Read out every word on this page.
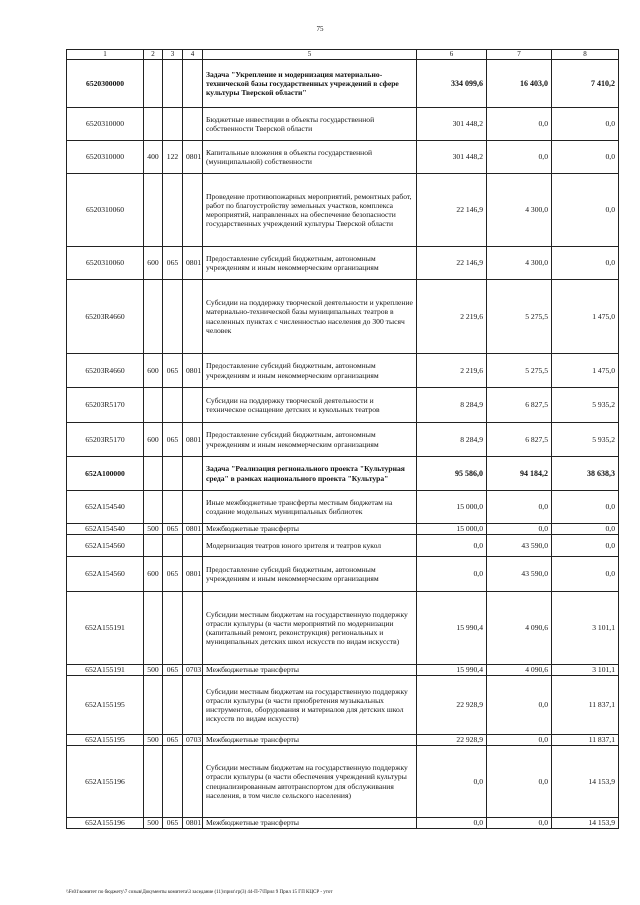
75
1	2	3	4	5	6	7	8
6520300000				Задача "Укрепление и модернизация материально-технической базы государственных учреждений в сфере культуры Тверской области"	334 099,6	16 403,0	7 410,2
6520310000				Бюджетные инвестиции в объекты государственной собственности Тверской области	301 448,2	0,0	0,0
6520310000	400	122	0801	Капитальные вложения в объекты государственной (муниципальной) собственности	301 448,2	0,0	0,0
6520310060				Проведение противопожарных мероприятий, ремонтных работ, работ по благоустройству земельных участков, комплекса мероприятий, направленных на обеспечение безопасности государственных учреждений культуры Тверской области	22 146,9	4 300,0	0,0
6520310060	600	065	0801	Предоставление субсидий бюджетным, автономным учреждениям и иным некоммерческим организациям	22 146,9	4 300,0	0,0
65203R4660				Субсидии на поддержку творческой деятельности и укрепление материально-технической базы муниципальных театров в населенных пунктах с численностью населения до 300 тысяч человек	2 219,6	5 275,5	1 475,0
65203R4660	600	065	0801	Предоставление субсидий бюджетным, автономным учреждениям и иным некоммерческим организациям	2 219,6	5 275,5	1 475,0
65203R5170				Субсидии на поддержку творческой деятельности и техническое оснащение детских и кукольных театров	8 284,9	6 827,5	5 935,2
65203R5170	600	065	0801	Предоставление субсидий бюджетным, автономным учреждениям и иным некоммерческим организациям	8 284,9	6 827,5	5 935,2
652A100000				Задача "Реализация регионального проекта "Культурная среда" в рамках национального проекта "Культура"	95 586,0	94 184,2	38 638,3
652A154540				Иные межбюджетные трансферты местным бюджетам на создание модельных муниципальных библиотек	15 000,0	0,0	0,0
652A154540	500	065	0801	Межбюджетные трансферты	15 000,0	0,0	0,0
652A154560				Модернизация театров юного зрителя и театров кукол	0,0	43 590,0	0,0
652A154560	600	065	0801	Предоставление субсидий бюджетным, автономным учреждениям и иным некоммерческим организациям	0,0	43 590,0	0,0
652A155191				Субсидии местным бюджетам на государственную поддержку отрасли культуры (в части мероприятий по модернизации (капитальный ремонт, реконструкция) региональных и муниципальных детских школ искусств по видам искусств)	15 990,4	4 090,6	3 101,1
652A155191	500	065	0703	Межбюджетные трансферты	15 990,4	4 090,6	3 101,1
652A155195				Субсидии местным бюджетам на государственную поддержку отрасли культуры (в части приобретения музыкальных инструментов, оборудования и материалов для детских школ искусств по видам искусств)	22 928,9	0,0	11 837,1
652A155195	500	065	0703	Межбюджетные трансферты	22 928,9	0,0	11 837,1
652A155196				Субсидии местным бюджетам на государственную поддержку отрасли культуры (в части обеспечения учреждений культуры специализированным автотранспортом для обслуживания населения, в том числе сельского населения)	0,0	0,0	14 153,9
652A155196	500	065	0801	Межбюджетные трансферты	0,0	0,0	14 153,9
\\Fs01\комитет по бюджету\7 созыв\Документы комитета\3 заседание (11)\прил\гр(3) 44-П-7\Прил 9 Прил 15 ГП КЦСР - утот
